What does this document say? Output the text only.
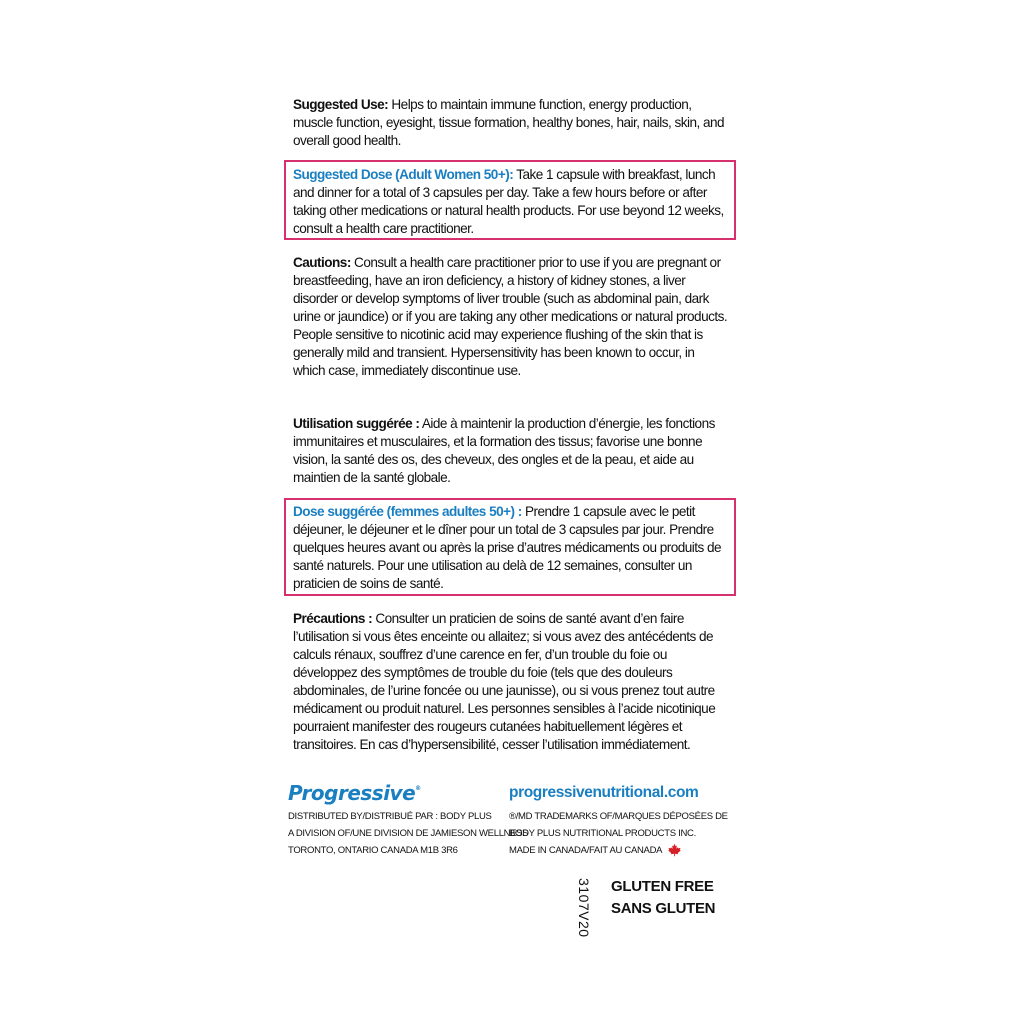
Suggested Use: Helps to maintain immune function, energy production, muscle function, eyesight, tissue formation, healthy bones, hair, nails, skin, and overall good health.
Suggested Dose (Adult Women 50+): Take 1 capsule with breakfast, lunch and dinner for a total of 3 capsules per day. Take a few hours before or after taking other medications or natural health products. For use beyond 12 weeks, consult a health care practitioner.
Cautions: Consult a health care practitioner prior to use if you are pregnant or breastfeeding, have an iron deficiency, a history of kidney stones, a liver disorder or develop symptoms of liver trouble (such as abdominal pain, dark urine or jaundice) or if you are taking any other medications or natural products. People sensitive to nicotinic acid may experience flushing of the skin that is generally mild and transient. Hypersensitivity has been known to occur, in which case, immediately discontinue use.
Utilisation suggérée : Aide à maintenir la production d’énergie, les fonctions immunitaires et musculaires, et la formation des tissus; favorise une bonne vision, la santé des os, des cheveux, des ongles et de la peau, et aide au maintien de la santé globale.
Dose suggérée (femmes adultes 50+) : Prendre 1 capsule avec le petit déjeuner, le déjeuner et le dîner pour un total de 3 capsules par jour. Prendre quelques heures avant ou après la prise d’autres médicaments ou produits de santé naturels. Pour une utilisation au delà de 12 semaines, consulter un praticien de soins de santé.
Précautions : Consulter un praticien de soins de santé avant d’en faire l’utilisation si vous êtes enceinte ou allaitez; si vous avez des antécédents de calculs rénaux, souffrez d’une carence en fer, d’un trouble du foie ou développez des symptômes de trouble du foie (tels que des douleurs abdominales, de l’urine foncée ou une jaunisse), ou si vous prenez tout autre médicament ou produit naturel. Les personnes sensibles à l’acide nicotinique pourraient manifester des rougeurs cutanées habituellement légères et transitoires. En cas d’hypersensibilité, cesser l’utilisation immédiatement.
Progressive®	progressivenutritional.com
DISTRIBUTED BY/DISTRIBUÉ PAR : BODY PLUS
A DIVISION OF/UNE DIVISION DE JAMIESON WELLNESS
TORONTO, ONTARIO CANADA M1B 3R6
®/MD TRADEMARKS OF/MARQUES DÉPOSÉES DE
BODY PLUS NUTRITIONAL PRODUCTS INC.
MADE IN CANADA/FAIT AU CANADA
3107V20 GLUTEN FREE
SANS GLUTEN
